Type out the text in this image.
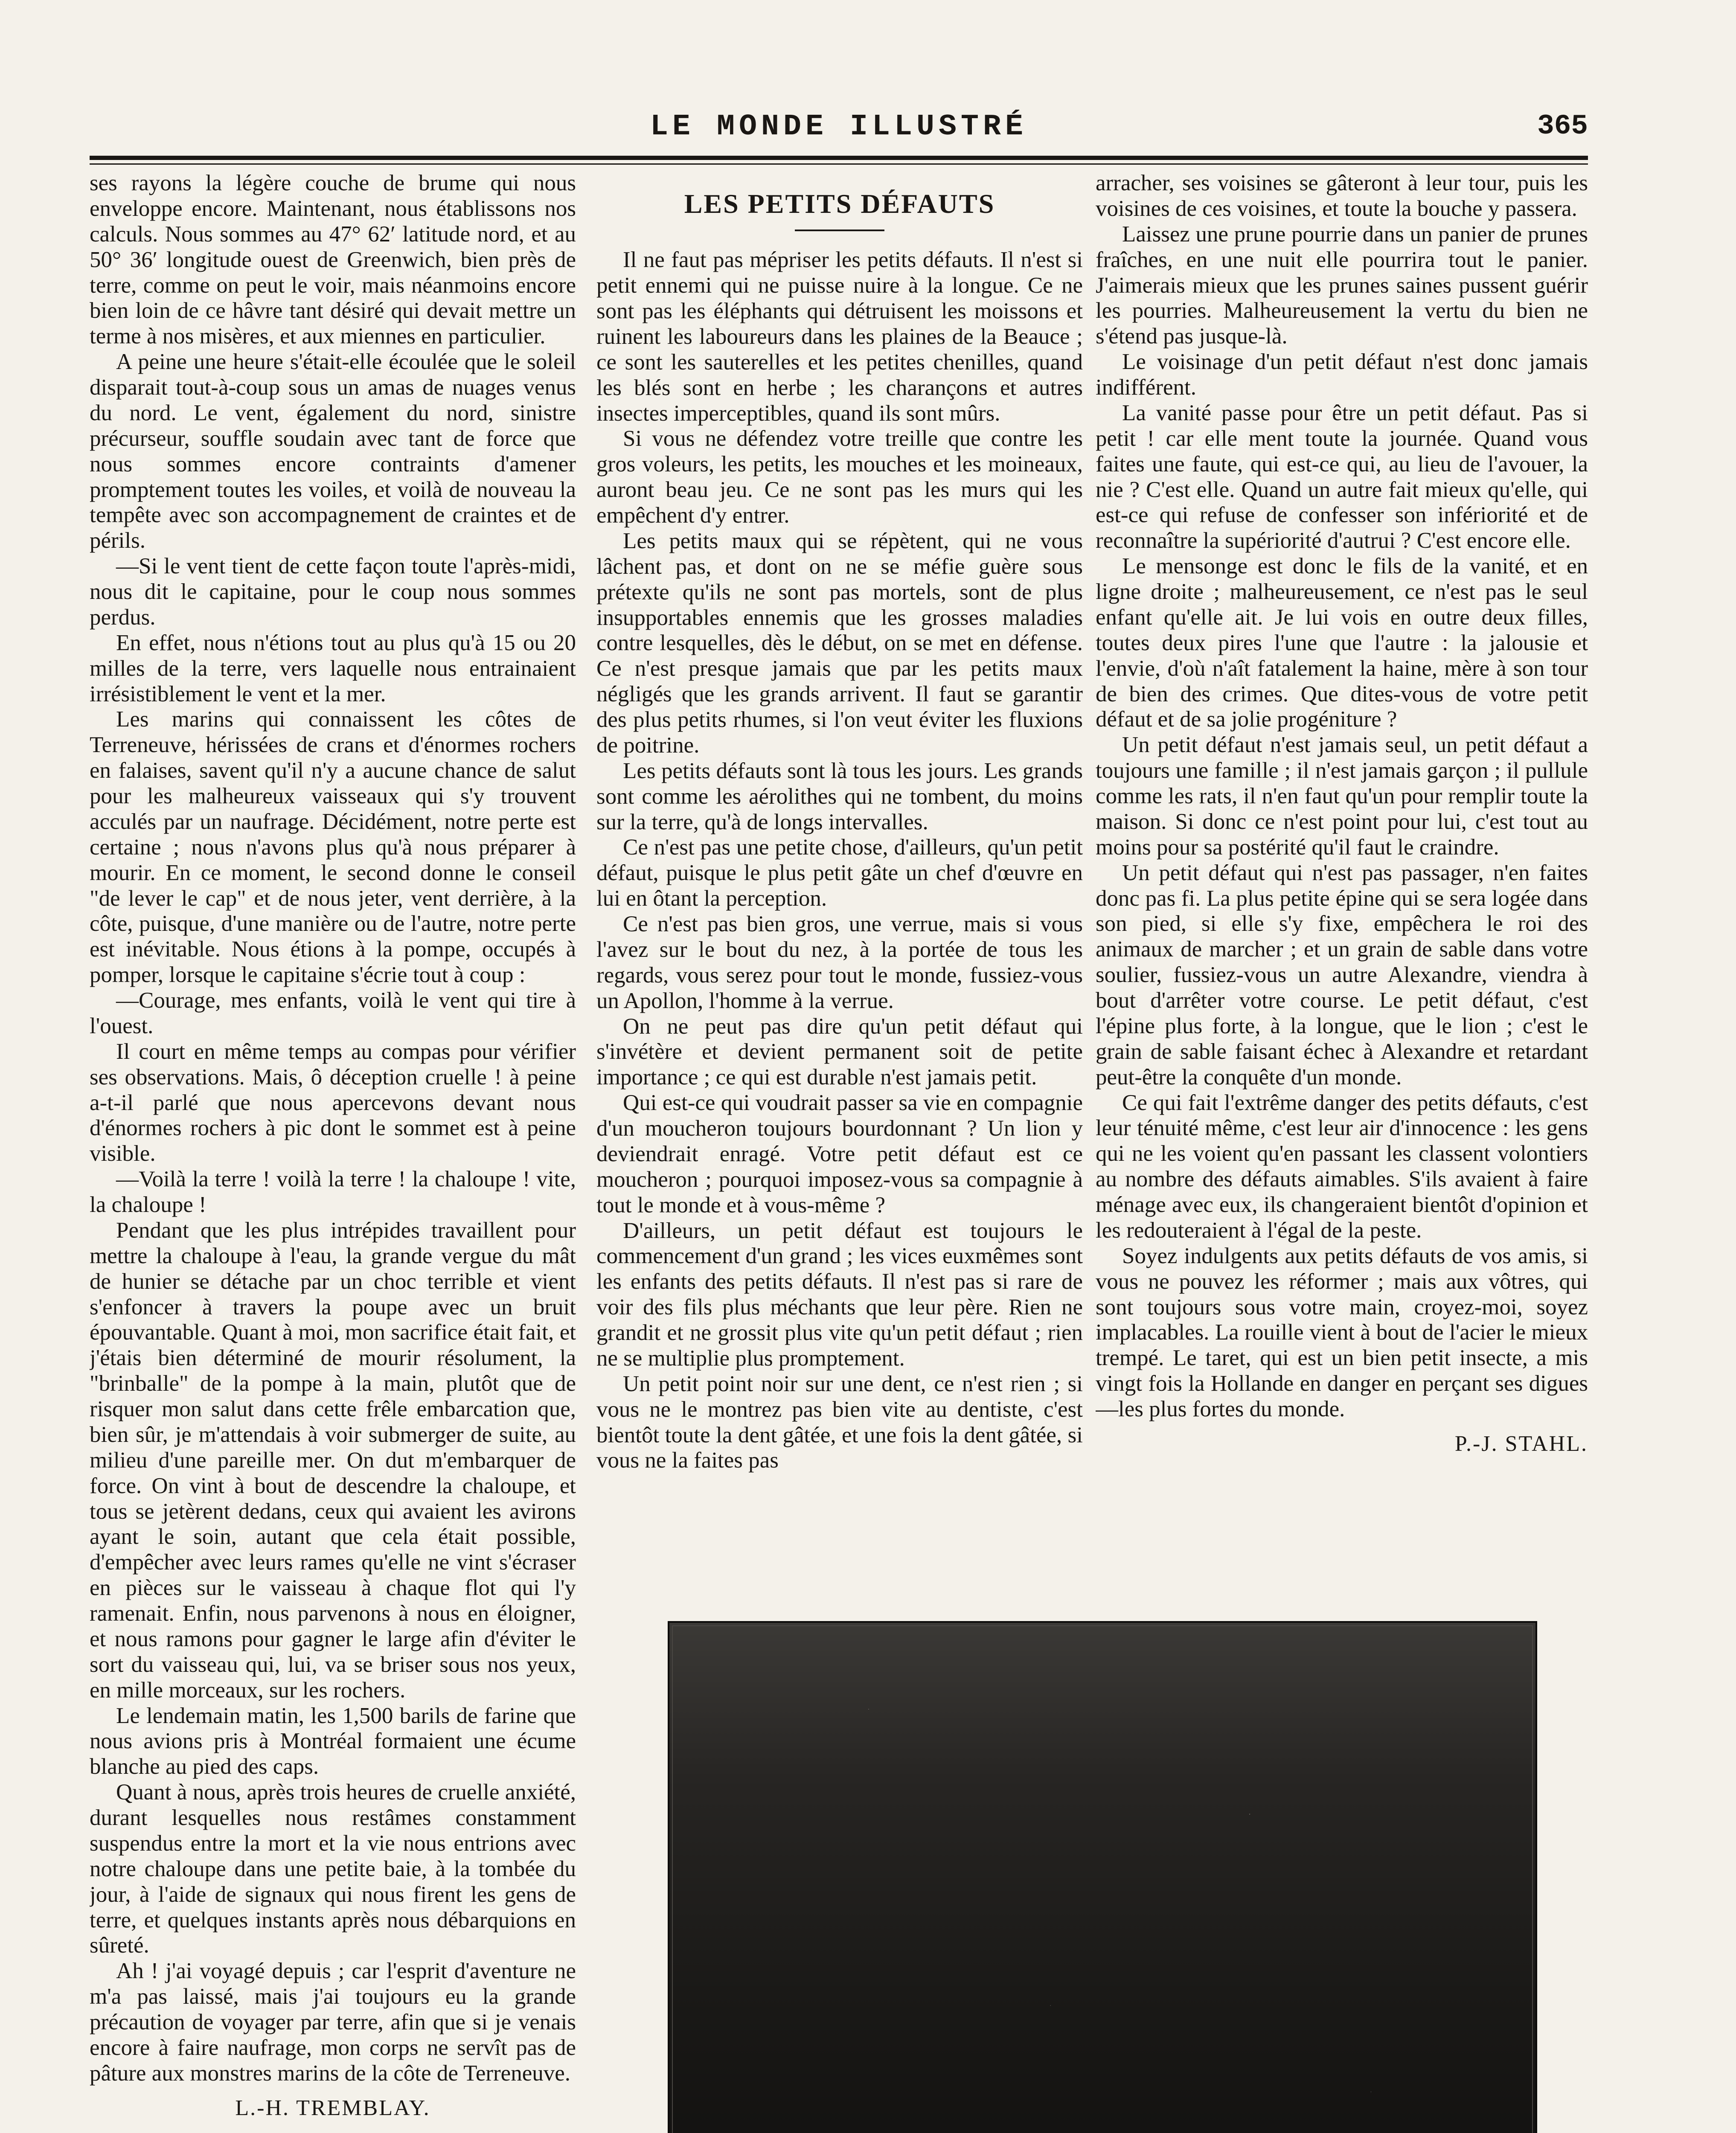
LE MONDE ILLUSTRÉ	365

ses rayons la légère couche de brume qui nous enveloppe encore. Maintenant, nous établissons nos calculs. Nous sommes au 47° 62′ latitude nord, et au 50° 36′ longitude ouest de Greenwich, bien près de terre, comme on peut le voir, mais néanmoins encore bien loin de ce hâvre tant désiré qui devait mettre un terme à nos misères, et aux miennes en particulier.

A peine une heure s'était-elle écoulée que le soleil disparait tout-à-coup sous un amas de nuages venus du nord. Le vent, également du nord, sinistre précurseur, souffle soudain avec tant de force que nous sommes encore contraints d'amener promptement toutes les voiles, et voilà de nouveau la tempête avec son accompagnement de craintes et de périls.

—Si le vent tient de cette façon toute l'après-midi, nous dit le capitaine, pour le coup nous sommes perdus.

En effet, nous n'étions tout au plus qu'à 15 ou 20 milles de la terre, vers laquelle nous entrainaient irrésistiblement le vent et la mer.

Les marins qui connaissent les côtes de Terreneuve, hérissées de crans et d'énormes rochers en falaises, savent qu'il n'y a aucune chance de salut pour les malheureux vaisseaux qui s'y trouvent acculés par un naufrage. Décidément, notre perte est certaine ; nous n'avons plus qu'à nous préparer à mourir. En ce moment, le second donne le conseil "de lever le cap" et de nous jeter, vent derrière, à la côte, puisque, d'une manière ou de l'autre, notre perte est inévitable. Nous étions à la pompe, occupés à pomper, lorsque le capitaine s'écrie tout à coup :

—Courage, mes enfants, voilà le vent qui tire à l'ouest.

Il court en même temps au compas pour vérifier ses observations. Mais, ô déception cruelle ! à peine a-t-il parlé que nous apercevons devant nous d'énormes rochers à pic dont le sommet est à peine visible.

—Voilà la terre ! voilà la terre ! la chaloupe ! vite, la chaloupe !

Pendant que les plus intrépides travaillent pour mettre la chaloupe à l'eau, la grande vergue du mât de hunier se détache par un choc terrible et vient s'enfoncer à travers la poupe avec un bruit épouvantable. Quant à moi, mon sacrifice était fait, et j'étais bien déterminé de mourir résolument, la "brinballe" de la pompe à la main, plutôt que de risquer mon salut dans cette frêle embarcation que, bien sûr, je m'attendais à voir submerger de suite, au milieu d'une pareille mer. On dut m'embarquer de force. On vint à bout de descendre la chaloupe, et tous se jetèrent dedans, ceux qui avaient les avirons ayant le soin, autant que cela était possible, d'empêcher avec leurs rames qu'elle ne vint s'écraser en pièces sur le vaisseau à chaque flot qui l'y ramenait. Enfin, nous parvenons à nous en éloigner, et nous ramons pour gagner le large afin d'éviter le sort du vaisseau qui, lui, va se briser sous nos yeux, en mille morceaux, sur les rochers.

Le lendemain matin, les 1,500 barils de farine que nous avions pris à Montréal formaient une écume blanche au pied des caps.

Quant à nous, après trois heures de cruelle anxiété, durant lesquelles nous restâmes constamment suspendus entre la mort et la vie nous entrions avec notre chaloupe dans une petite baie, à la tombée du jour, à l'aide de signaux qui nous firent les gens de terre, et quelques instants après nous débarquions en sûreté.

Ah ! j'ai voyagé depuis ; car l'esprit d'aventure ne m'a pas laissé, mais j'ai toujours eu la grande précaution de voyager par terre, afin que si je venais encore à faire naufrage, mon corps ne servît pas de pâture aux monstres marins de la côte de Terreneuve.

L.-H. TREMBLAY.

LES PETITS DÉFAUTS

Il ne faut pas mépriser les petits défauts. Il n'est si petit ennemi qui ne puisse nuire à la longue. Ce ne sont pas les éléphants qui détruisent les moissons et ruinent les laboureurs dans les plaines de la Beauce ; ce sont les sauterelles et les petites chenilles, quand les blés sont en herbe ; les charançons et autres insectes imperceptibles, quand ils sont mûrs.

Si vous ne défendez votre treille que contre les gros voleurs, les petits, les mouches et les moineaux, auront beau jeu. Ce ne sont pas les murs qui les empêchent d'y entrer.

Les petits maux qui se répètent, qui ne vous lâchent pas, et dont on ne se méfie guère sous prétexte qu'ils ne sont pas mortels, sont de plus insupportables ennemis que les grosses maladies contre lesquelles, dès le début, on se met en défense. Ce n'est presque jamais que par les petits maux négligés que les grands arrivent. Il faut se garantir des plus petits rhumes, si l'on veut éviter les fluxions de poitrine.

Les petits défauts sont là tous les jours. Les grands sont comme les aérolithes qui ne tombent, du moins sur la terre, qu'à de longs intervalles.

Ce n'est pas une petite chose, d'ailleurs, qu'un petit défaut, puisque le plus petit gâte un chef d'œuvre en lui en ôtant la perception.

Ce n'est pas bien gros, une verrue, mais si vous l'avez sur le bout du nez, à la portée de tous les regards, vous serez pour tout le monde, fussiez-vous un Apollon, l'homme à la verrue.

On ne peut pas dire qu'un petit défaut qui s'invétère et devient permanent soit de petite importance ; ce qui est durable n'est jamais petit.

Qui est-ce qui voudrait passer sa vie en compagnie d'un moucheron toujours bourdonnant ? Un lion y deviendrait enragé. Votre petit défaut est ce moucheron ; pourquoi imposez-vous sa compagnie à tout le monde et à vous-même ?

D'ailleurs, un petit défaut est toujours le commencement d'un grand ; les vices euxmêmes sont les enfants des petits défauts. Il n'est pas si rare de voir des fils plus méchants que leur père. Rien ne grandit et ne grossit plus vite qu'un petit défaut ; rien ne se multiplie plus promptement.

Un petit point noir sur une dent, ce n'est rien ; si vous ne le montrez pas bien vite au dentiste, c'est bientôt toute la dent gâtée, et une fois la dent gâtée, si vous ne la faites pas

arracher, ses voisines se gâteront à leur tour, puis les voisines de ces voisines, et toute la bouche y passera.

Laissez une prune pourrie dans un panier de prunes fraîches, en une nuit elle pourrira tout le panier. J'aimerais mieux que les prunes saines pussent guérir les pourries. Malheureusement la vertu du bien ne s'étend pas jusque-là.

Le voisinage d'un petit défaut n'est donc jamais indifférent.

La vanité passe pour être un petit défaut. Pas si petit ! car elle ment toute la journée. Quand vous faites une faute, qui est-ce qui, au lieu de l'avouer, la nie ? C'est elle. Quand un autre fait mieux qu'elle, qui est-ce qui refuse de confesser son infériorité et de reconnaître la supériorité d'autrui ? C'est encore elle.

Le mensonge est donc le fils de la vanité, et en ligne droite ; malheureusement, ce n'est pas le seul enfant qu'elle ait. Je lui vois en outre deux filles, toutes deux pires l'une que l'autre : la jalousie et l'envie, d'où n'aît fatalement la haine, mère à son tour de bien des crimes. Que dites-vous de votre petit défaut et de sa jolie progéniture ?

Un petit défaut n'est jamais seul, un petit défaut a toujours une famille ; il n'est jamais garçon ; il pullule comme les rats, il n'en faut qu'un pour remplir toute la maison. Si donc ce n'est point pour lui, c'est tout au moins pour sa postérité qu'il faut le craindre.

Un petit défaut qui n'est pas passager, n'en faites donc pas fi. La plus petite épine qui se sera logée dans son pied, si elle s'y fixe, empêchera le roi des animaux de marcher ; et un grain de sable dans votre soulier, fussiez-vous un autre Alexandre, viendra à bout d'arrêter votre course. Le petit défaut, c'est l'épine plus forte, à la longue, que le lion ; c'est le grain de sable faisant échec à Alexandre et retardant peut-être la conquête d'un monde.

Ce qui fait l'extrême danger des petits défauts, c'est leur ténuité même, c'est leur air d'innocence : les gens qui ne les voient qu'en passant les classent volontiers au nombre des défauts aimables. S'ils avaient à faire ménage avec eux, ils changeraient bientôt d'opinion et les redouteraient à l'égal de la peste.

Soyez indulgents aux petits défauts de vos amis, si vous ne pouvez les réformer ; mais aux vôtres, qui sont toujours sous votre main, croyez-moi, soyez implacables. La rouille vient à bout de l'acier le mieux trempé. Le taret, qui est un bien petit insecte, a mis vingt fois la Hollande en danger en perçant ses digues—les plus fortes du monde.

P.-J. STAHL.
